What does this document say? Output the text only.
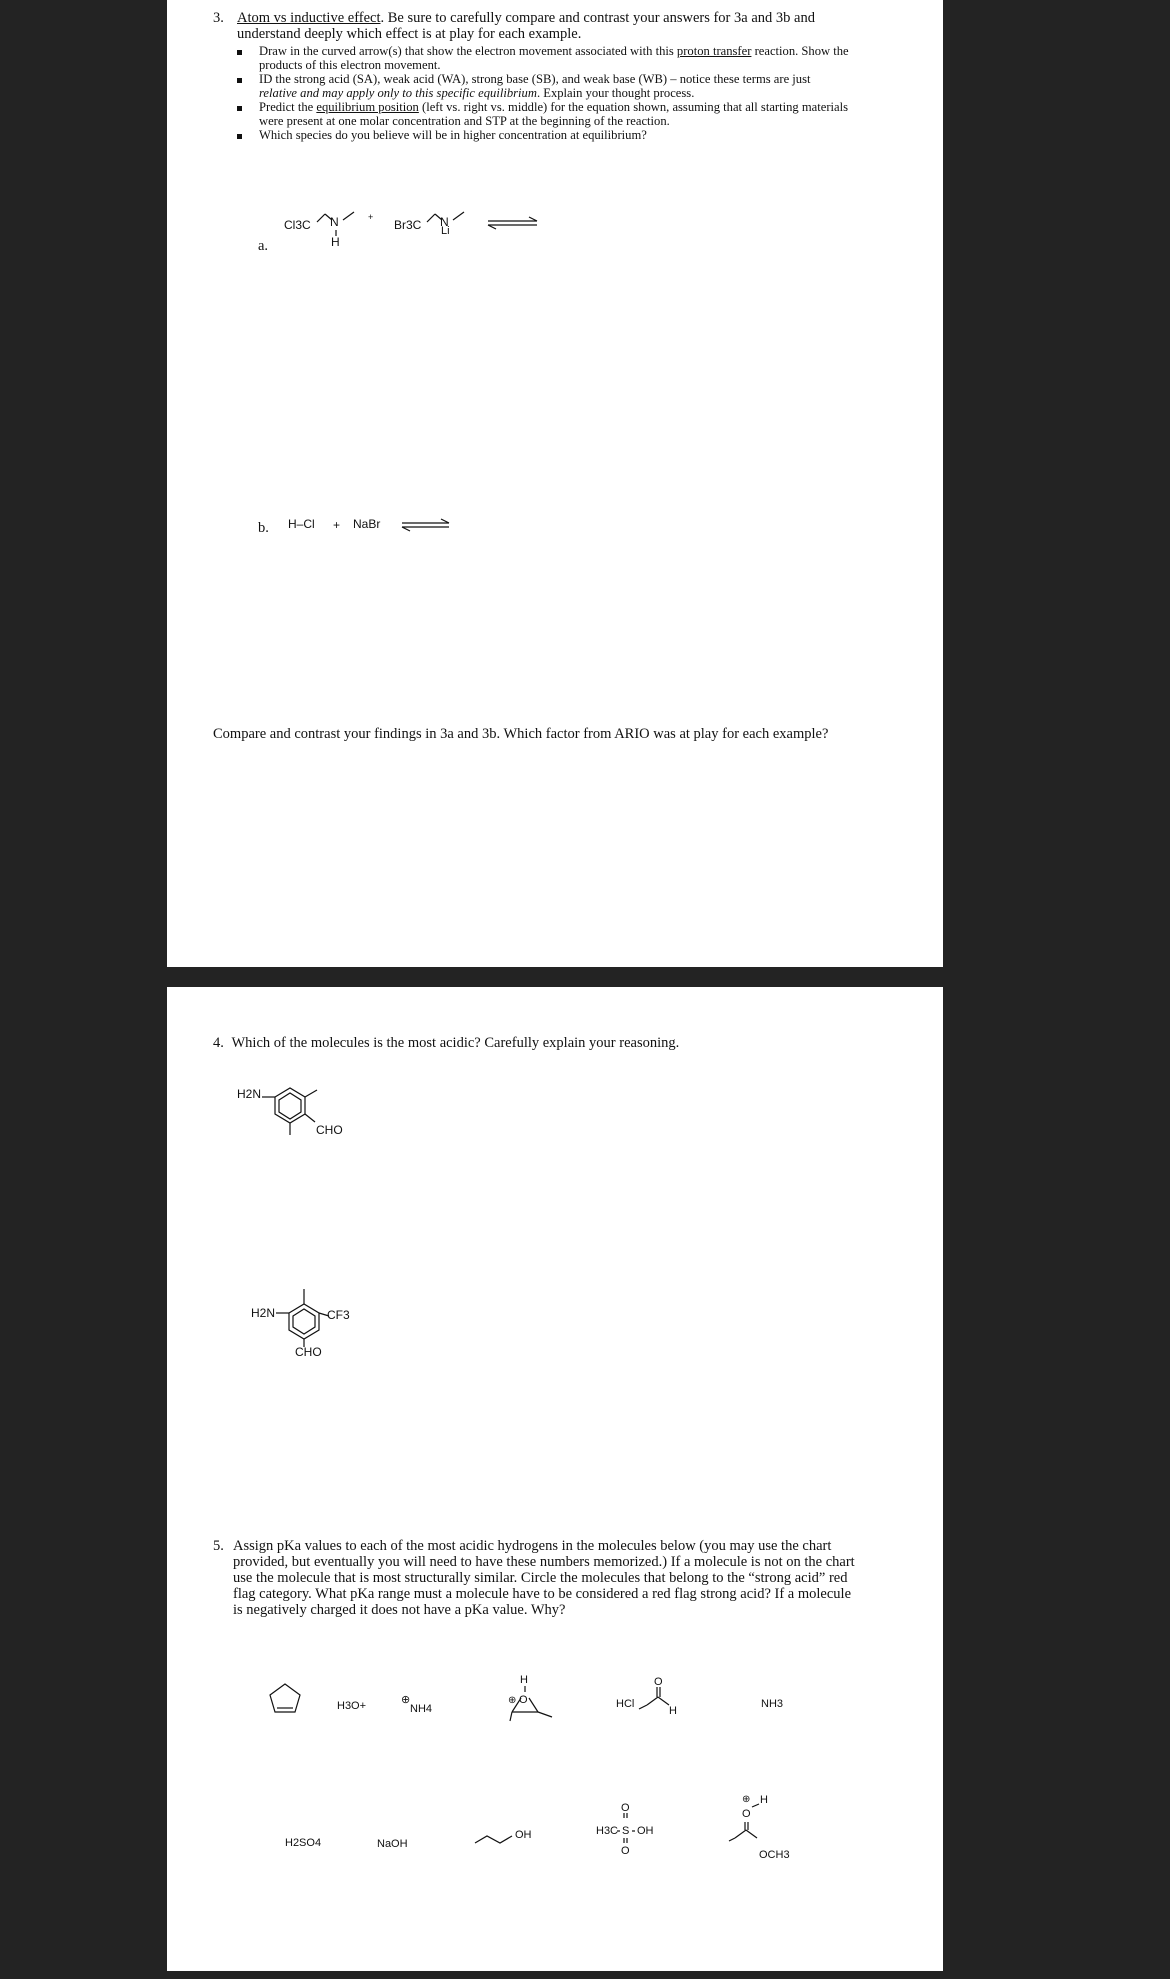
3. Atom vs inductive effect. Be sure to carefully compare and contrast your answers for 3a and 3b and understand deeply which effect is at play for each example.
Draw in the curved arrow(s) that show the electron movement associated with this proton transfer reaction. Show the products of this electron movement.
ID the strong acid (SA), weak acid (WA), strong base (SB), and weak base (WB) – notice these terms are just relative and may apply only to this specific equilibrium. Explain your thought process.
Predict the equilibrium position (left vs. right vs. middle) for the equation shown, assuming that all starting materials were present at one molar concentration and STP at the beginning of the reaction.
Which species do you believe will be in higher concentration at equilibrium?
a.
Cl3C N
H
+
Br3C N
Li
b. H–Cl + NaBr
Compare and contrast your findings in 3a and 3b. Which factor from ARIO was at play for each example?
4. Which of the molecules is the most acidic? Carefully explain your reasoning.
H2N
CHO
H2N	CF3
CHO
5. Assign pKa values to each of the most acidic hydrogens in the molecules below (you may use the chart provided, but eventually you will need to have these numbers memorized.) If a molecule is not on the chart use the molecule that is most structurally similar. Circle the molecules that belong to the “strong acid” red flag category. What pKa range must a molecule have to be considered a red flag strong acid? If a molecule is negatively charged it does not have a pKa value. Why?
H3O+	⊕
NH4
H
⊕ O	HCl
O
H
NH3
H2SO4	NaOH
OH
O
H3C S OH
O
O
⊕ H
OCH3
